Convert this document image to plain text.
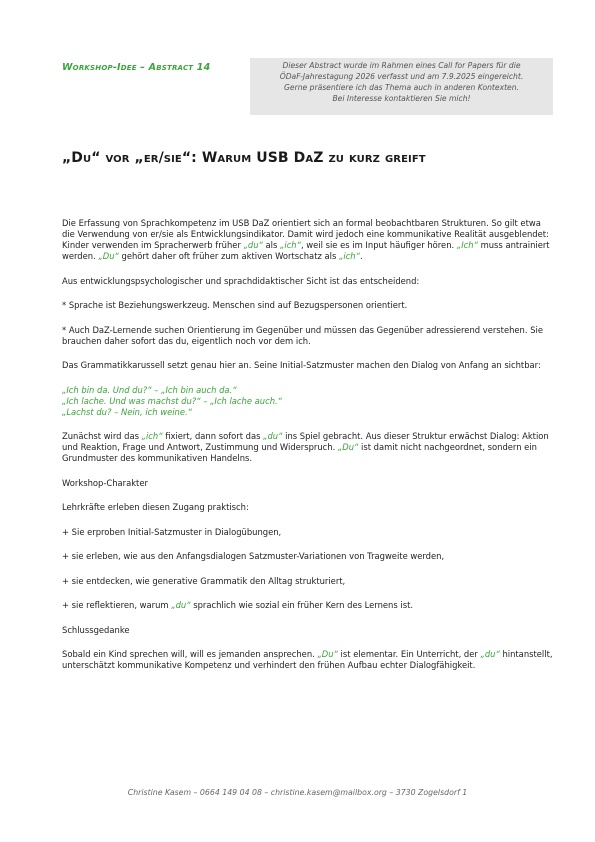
Workshop-Idee – Abstract 14	Dieser Abstract wurde im Rahmen eines Call for Papers für die
ÖDaF-Jahrestagung 2026 verfasst und am 7.9.2025 eingereicht.
Gerne präsentiere ich das Thema auch in anderen Kontexten.
Bei Interesse kontaktieren Sie mich!
„Du“ vor „er/sie“: Warum USB DaZ zu kurz greift

Die Erfassung von Sprachkompetenz im USB DaZ orientiert sich an formal beobachtbaren Strukturen. So gilt etwa die Verwendung von er/sie als Entwicklungsindikator. Damit wird jedoch eine kommunikative Realität ausgeblendet: Kinder verwenden im Spracherwerb früher „du“ als „ich“, weil sie es im Input häufiger hören. „Ich“ muss antrainiert werden. „Du“ gehört daher oft früher zum aktiven Wortschatz als „ich“.

Aus entwicklungspsychologischer und sprachdidaktischer Sicht ist das entscheidend:

* Sprache ist Beziehungswerkzeug. Menschen sind auf Bezugspersonen orientiert.

* Auch DaZ-Lernende suchen Orientierung im Gegenüber und müssen das Gegenüber adressierend verstehen. Sie brauchen daher sofort das du, eigentlich noch vor dem ich.

Das Grammatikkarussell setzt genau hier an. Seine Initial-Satzmuster machen den Dialog von Anfang an sichtbar:

„Ich bin da. Und du?“ – „Ich bin auch da.“
„Ich lache. Und was machst du?“ – „Ich lache auch.“
„Lachst du? – Nein, ich weine.“

Zunächst wird das „ich“ fixiert, dann sofort das „du“ ins Spiel gebracht. Aus dieser Struktur erwächst Dialog: Aktion und Reaktion, Frage und Antwort, Zustimmung und Widerspruch. „Du“ ist damit nicht nachgeordnet, sondern ein Grundmuster des kommunikativen Handelns.

Workshop-Charakter

Lehrkräfte erleben diesen Zugang praktisch:

+ Sie erproben Initial-Satzmuster in Dialogübungen,

+ sie erleben, wie aus den Anfangsdialogen Satzmuster-Variationen von Tragweite werden,

+ sie entdecken, wie generative Grammatik den Alltag strukturiert,

+ sie reflektieren, warum „du“ sprachlich wie sozial ein früher Kern des Lernens ist.

Schlussgedanke

Sobald ein Kind sprechen will, will es jemanden ansprechen. „Du“ ist elementar. Ein Unterricht, der „du“ hintanstellt, unterschätzt kommunikative Kompetenz und verhindert den frühen Aufbau echter Dialogfähigkeit.

Christine Kasem – 0664 149 04 08 – christine.kasem@mailbox.org – 3730 Zogelsdorf 1
